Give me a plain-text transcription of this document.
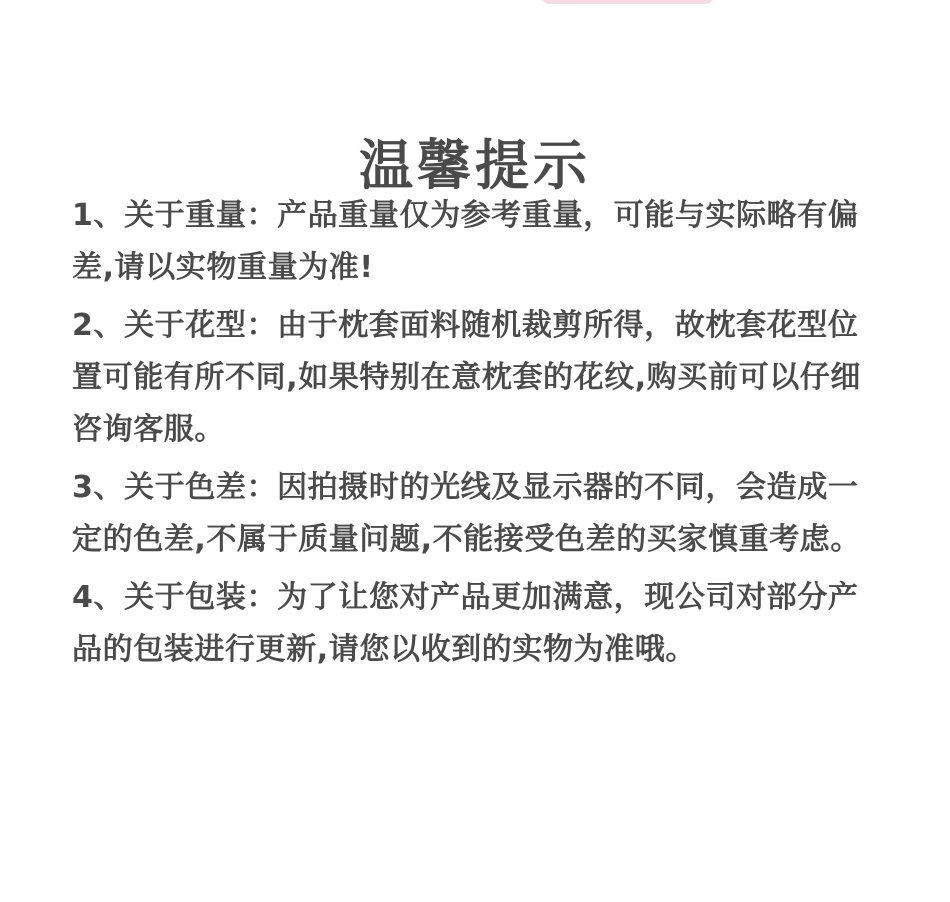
温馨提示

1、关于重量：产品重量仅为参考重量，可能与实际略有偏差,请以实物重量为准!

2、关于花型：由于枕套面料随机裁剪所得，故枕套花型位置可能有所不同,如果特别在意枕套的花纹,购买前可以仔细咨询客服。

3、关于色差：因拍摄时的光线及显示器的不同，会造成一定的色差,不属于质量问题,不能接受色差的买家慎重考虑。

4、关于包装：为了让您对产品更加满意，现公司对部分产品的包装进行更新,请您以收到的实物为准哦。
